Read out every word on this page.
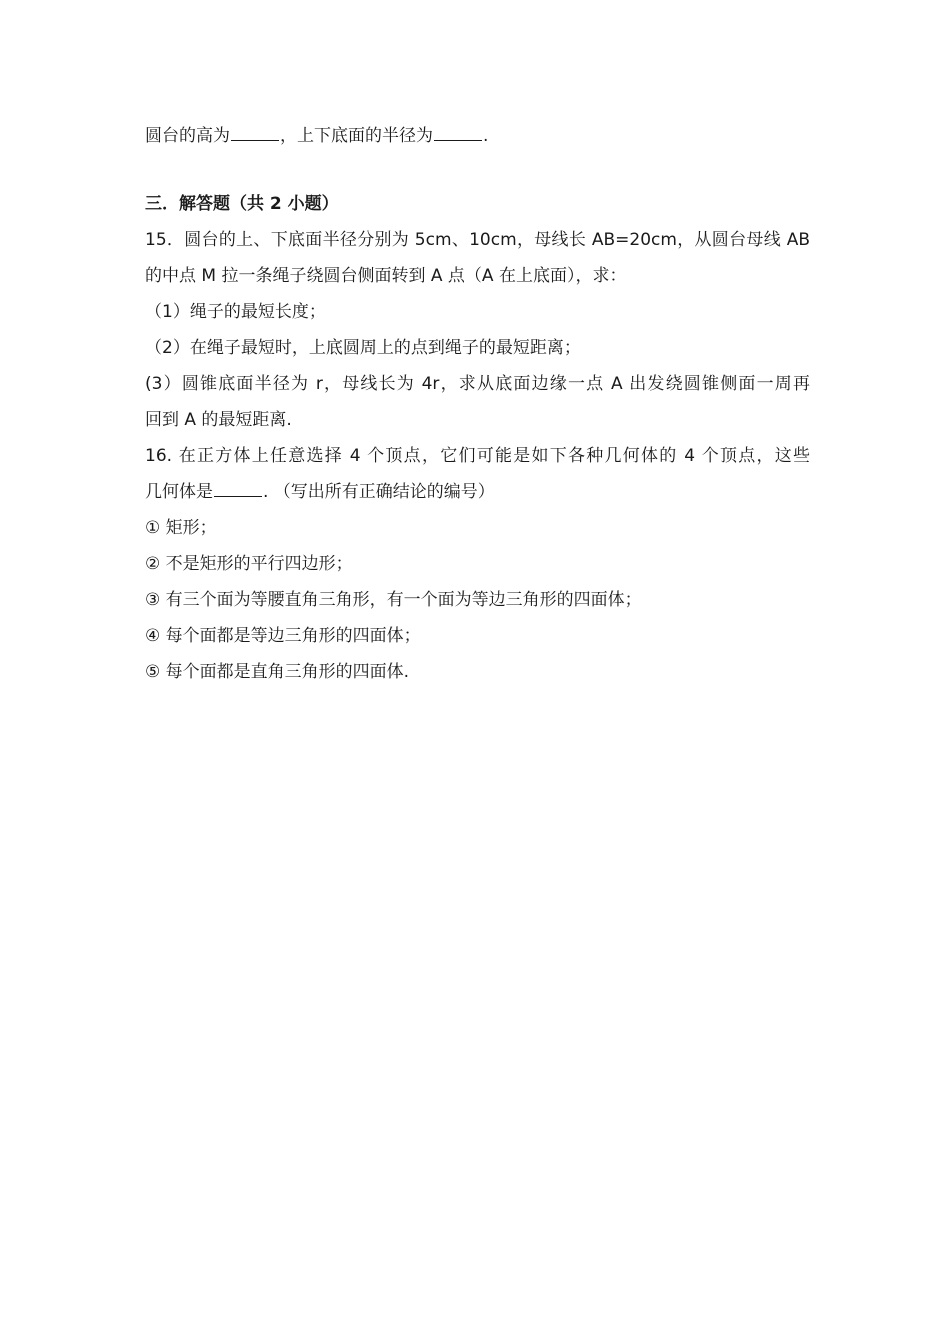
圆台的高为	，上下底面的半径为	.
三．解答题（共 2 小题）
15．圆台的上、下底面半径分别为 5cm、10cm，母线长 AB=20cm，从圆台母线 AB
的中点 M 拉一条绳子绕圆台侧面转到 A 点（A 在上底面），求：
（1）绳子的最短长度；
（2）在绳子最短时，上底圆周上的点到绳子的最短距离；
(3）圆锥底面半径为 r，母线长为 4r，求从底面边缘一点 A 出发绕圆锥侧面一周再
回到 A 的最短距离.
16. 在正方体上任意选择 4 个顶点，它们可能是如下各种几何体的 4 个顶点，这些
几何体是	. （写出所有正确结论的编号）
① 矩形；
② 不是矩形的平行四边形；
③ 有三个面为等腰直角三角形，有一个面为等边三角形的四面体；
④ 每个面都是等边三角形的四面体；
⑤ 每个面都是直角三角形的四面体.
